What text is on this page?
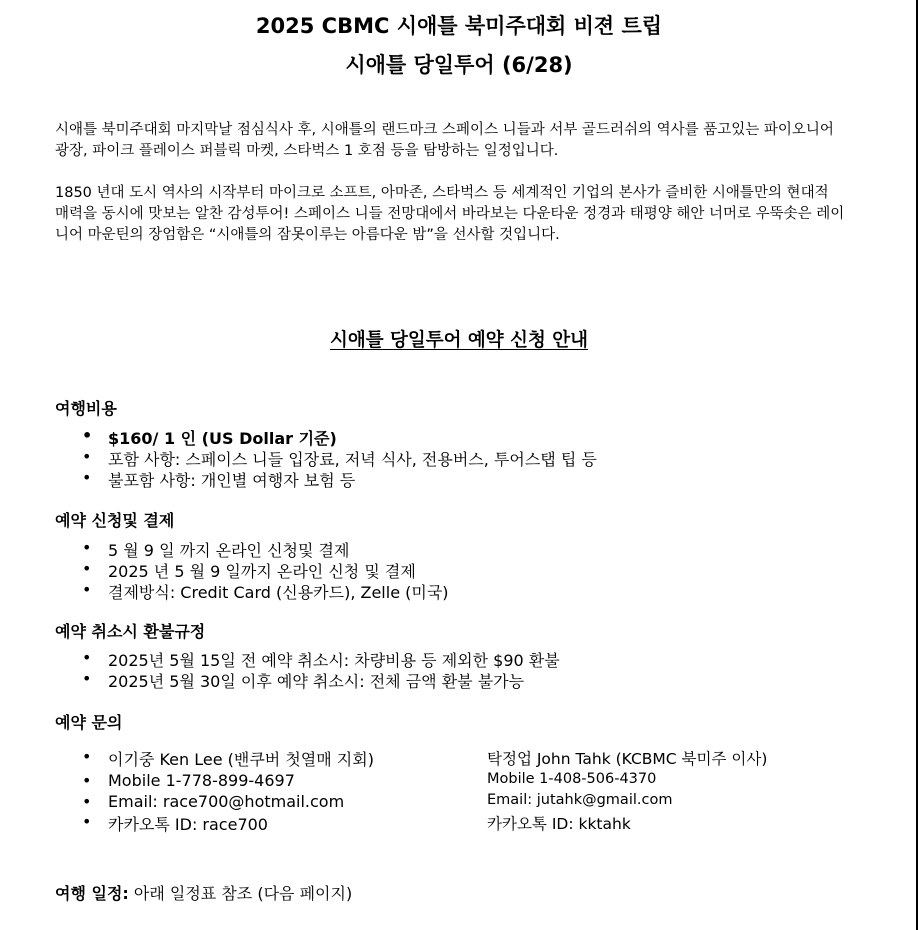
2025 CBMC 시애틀 북미주대회 비젼 트립
시애틀 당일투어 (6/28)
시애틀 북미주대회 마지막날 점심식사 후, 시애틀의 랜드마크 스페이스 니들과 서부 골드러쉬의 역사를 품고있는 파이오니어 광장, 파이크 플레이스 퍼블릭 마켓, 스타벅스 1 호점 등을 탐방하는 일정입니다.
1850 년대 도시 역사의 시작부터 마이크로 소프트, 아마존, 스타벅스 등 세계적인 기업의 본사가 즐비한 시애틀만의 현대적 매력을 동시에 맛보는 알찬 감성투어! 스페이스 니들 전망대에서 바라보는 다운타운 정경과 태평양 해안 너머로 우뚝솟은 레이니어 마운틴의 장엄함은 “시애틀의 잠못이루는 아름다운 밤”을 선사할 것입니다.
시애틀 당일투어 예약 신청 안내
여행비용
• $160/ 1 인 (US Dollar 기준)
• 포함 사항: 스페이스 니들 입장료, 저녁 식사, 전용버스, 투어스탭 팁 등
• 불포함 사항: 개인별 여행자 보험 등
예약 신청및 결제
• 5 월 9 일 까지 온라인 신청및 결제
• 2025 년 5 월 9 일까지 온라인 신청 및 결제
• 결제방식: Credit Card (신용카드), Zelle (미국)
예약 취소시 환불규정
• 2025년 5월 15일 전 예약 취소시: 차량비용 등 제외한 $90 환불
• 2025년 5월 30일 이후 예약 취소시: 전체 금액 환불 불가능
예약 문의
• 이기중 Ken Lee (밴쿠버 첫열매 지회)
• Mobile 1-778-899-4697
• Email: race700@hotmail.com
• 카카오톡 ID: race700
탁정업 John Tahk (KCBMC 북미주 이사)
Mobile 1-408-506-4370
Email: jutahk@gmail.com
카카오톡 ID: kktahk
여행 일정: 아래 일정표 참조 (다음 페이지)
